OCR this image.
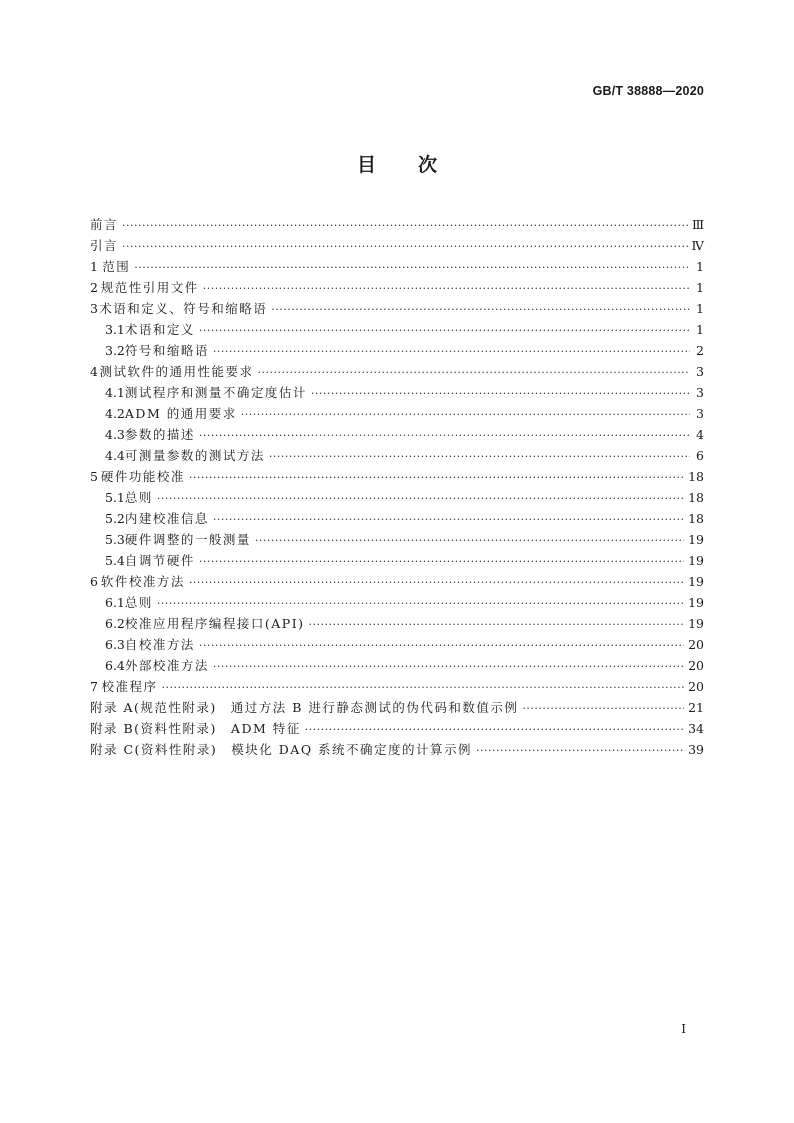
GB/T 38888—2020
目 次
前言 ·····	Ⅲ
引言 ·····	Ⅳ
1 范围 ·····	1
2 规范性引用文件 ·····	1
3 术语和定义、符号和缩略语 ·····	1
3.1 术语和定义 ·····	1
3.2 符号和缩略语 ·····	2
4 测试软件的通用性能要求 ·····	3
4.1 测试程序和测量不确定度估计 ·····	3
4.2 ADM 的通用要求 ·····	3
4.3 参数的描述 ·····	4
4.4 可测量参数的测试方法 ·····	6
5 硬件功能校准 ·····	18
5.1 总则 ·····	18
5.2 内建校准信息 ·····	18
5.3 硬件调整的一般测量 ·····	19
5.4 自调节硬件 ·····	19
6 软件校准方法 ·····	19
6.1 总则 ·····	19
6.2 校准应用程序编程接口(API) ·····	19
6.3 自校准方法 ·····	20
6.4 外部校准方法 ·····	20
7 校准程序 ·····	20
附录 A(规范性附录)　通过方法 B 进行静态测试的伪代码和数值示例 ·····	21
附录 B(资料性附录)　ADM 特征 ·····	34
附录 C(资料性附录)　模块化 DAQ 系统不确定度的计算示例 ·····	39
I
